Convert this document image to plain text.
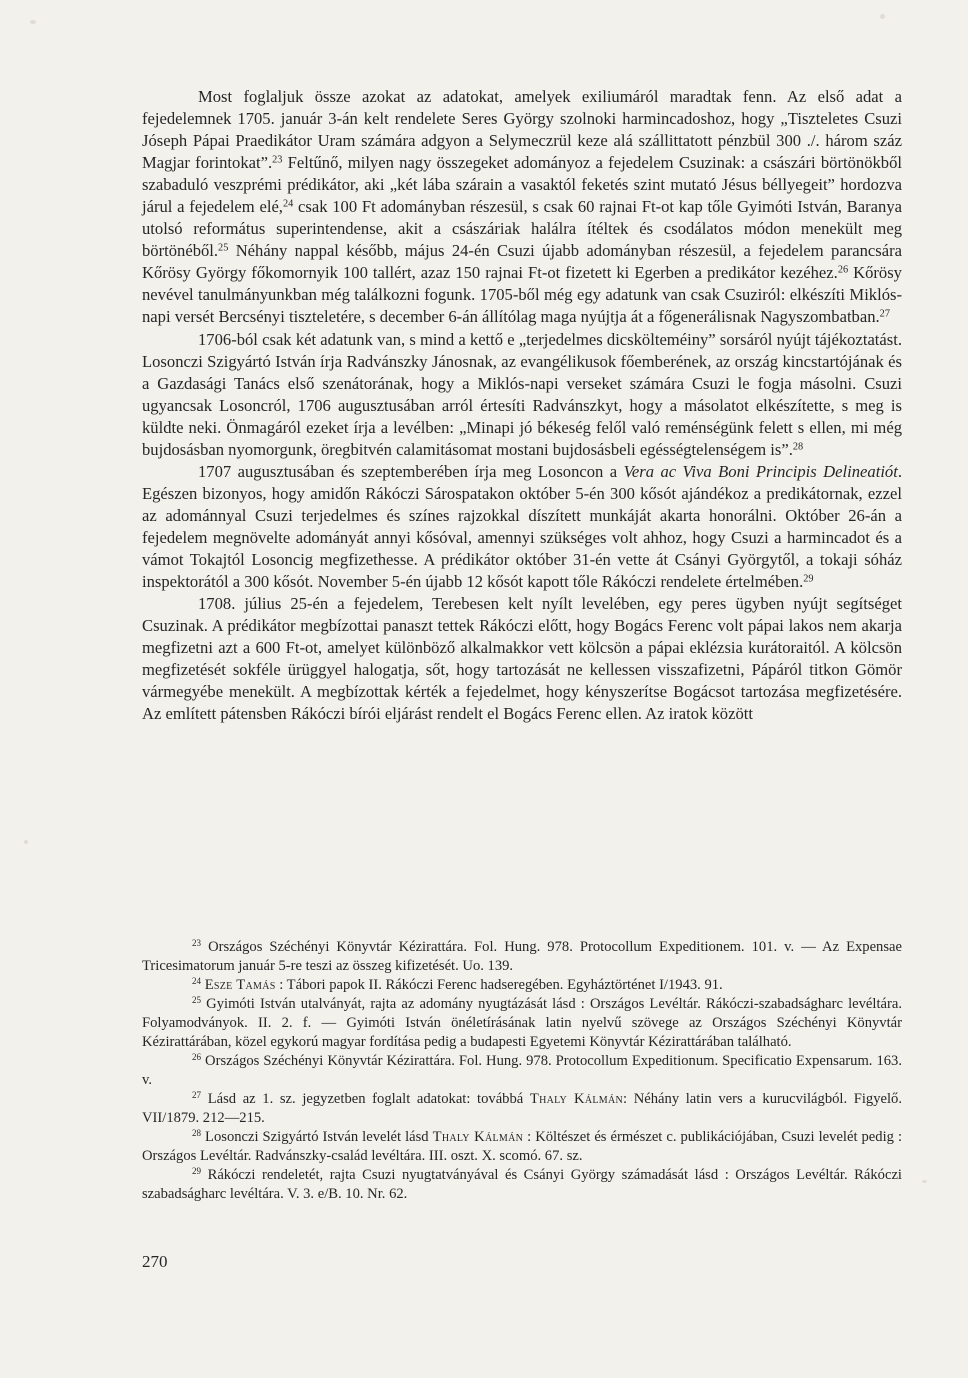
Most foglaljuk össze azokat az adatokat, amelyek exiliumáról maradtak fenn. Az első adat a fejedelemnek 1705. január 3-án kelt rendelete Seres György szolnoki harmincadoshoz, hogy „Tiszteletes Csuzi Jóseph Pápai Praedikátor Uram számára adgyon a Selymeczrül keze alá szállittatott pénzbül 300 ./. három száz Magjar forintokat”.$^{23}$ Feltűnő, milyen nagy összegeket adományoz a fejedelem Csuzinak: a császári börtönökből szabaduló veszprémi prédikátor, aki „két lába szárain a vasaktól feketés szint mutató Jésus béllyegeit” hordozva járul a fejedelem elé,$^{24}$ csak 100 Ft adományban részesül, s csak 60 rajnai Ft-ot kap tőle Gyimóti István, Baranya utolsó református superintendense, akit a császáriak halálra ítéltek és csodálatos módon menekült meg börtönéből.$^{25}$ Néhány nappal később, május 24-én Csuzi újabb adományban részesül, a fejedelem parancsára Kőrösy György főkomornyik 100 tallért, azaz 150 rajnai Ft-ot fizetett ki Egerben a predikátor kezéhez.$^{26}$ Kőrösy nevével tanulmányunkban még találkozni fogunk. 1705-ből még egy adatunk van csak Csuziról: elkészíti Miklós-napi versét Bercsényi tiszteletére, s december 6-án állítólag maga nyújtja át a főgenerálisnak Nagyszombatban.$^{27}$

1706-ból csak két adatunk van, s mind a kettő e „terjedelmes dicskölteméiny” sorsáról nyújt tájékoztatást. Losonczi Szigyártó István írja Radvánszky Jánosnak, az evangélikusok főemberének, az ország kincstartójának és a Gazdasági Tanács első szenátorának, hogy a Miklós-napi verseket számára Csuzi le fogja másolni. Csuzi ugyancsak Losoncról, 1706 augusztusában arról értesíti Radvánszkyt, hogy a másolatot elkészítette, s meg is küldte neki. Önmagáról ezeket írja a levélben: „Minapi jó békeség felől való reménségünk felett s ellen, mi még bujdosásban nyomorgunk, öregbitvén calamitásomat mostani bujdosásbeli egésségtelenségem is”.$^{28}$

1707 augusztusában és szeptemberében írja meg Losoncon a Vera ac Viva Boni Principis Delineatiót. Egészen bizonyos, hogy amidőn Rákóczi Sárospatakon október 5-én 300 kősót ajándékoz a predikátornak, ezzel az adománnyal Csuzi terjedelmes és színes rajzokkal díszített munkáját akarta honorálni. Október 26-án a fejedelem megnövelte adományát annyi kősóval, amennyi szükséges volt ahhoz, hogy Csuzi a harmincadot és a vámot Tokajtól Losoncig megfizethesse. A prédikátor október 31-én vette át Csányi Györgytől, a tokaji sóház inspektorától a 300 kősót. November 5-én újabb 12 kősót kapott tőle Rákóczi rendelete értelmében.$^{29}$

1708. július 25-én a fejedelem, Terebesen kelt nyílt levelében, egy peres ügyben nyújt segítséget Csuzinak. A prédikátor megbízottai panaszt tettek Rákóczi előtt, hogy Bogács Ferenc volt pápai lakos nem akarja megfizetni azt a 600 Ft-ot, amelyet különböző alkalmakkor vett kölcsön a pápai eklézsia kurátoraitól. A kölcsön megfizetését sokféle ürüggyel halogatja, sőt, hogy tartozását ne kellessen visszafizetni, Pápáról titkon Gömör vármegyébe menekült. A megbízottak kérték a fejedelmet, hogy kényszerítse Bogácsot tartozása megfizetésére. Az említett pátensben Rákóczi bírói eljárást rendelt el Bogács Ferenc ellen. Az iratok között

$^{23}$ Országos Széchényi Könyvtár Kézirattára. Fol. Hung. 978. Protocollum Expeditionem. 101. v. — Az Expensae Tricesimatorum január 5-re teszi az összeg kifizetését. Uo. 139.

$^{24}$ Esze Tamás : Tábori papok II. Rákóczi Ferenc hadseregében. Egyháztörténet I/1943. 91.

$^{25}$ Gyimóti István utalványát, rajta az adomány nyugtázását lásd : Országos Levéltár. Rákóczi-szabadságharc levéltára. Folyamodványok. II. 2. f. — Gyimóti István önéletírásának latin nyelvű szövege az Országos Széchényi Könyvtár Kézirattárában, közel egykorú magyar fordítása pedig a budapesti Egyetemi Könyvtár Kézirattárában található.

$^{26}$ Országos Széchényi Könyvtár Kézirattára. Fol. Hung. 978. Protocollum Expeditionum. Specificatio Expensarum. 163. v.

$^{27}$ Lásd az 1. sz. jegyzetben foglalt adatokat: továbbá Thaly Kálmán: Néhány latin vers a kurucvilágból. Figyelő. VII/1879. 212—215.

$^{28}$ Losonczi Szigyártó István levelét lásd Thaly Kálmán : Költészet és érmészet c. publikációjában, Csuzi levelét pedig : Országos Levéltár. Radvánszky-család levéltára. III. oszt. X. scomó. 67. sz.

$^{29}$ Rákóczi rendeletét, rajta Csuzi nyugtatványával és Csányi György számadását lásd : Országos Levéltár. Rákóczi szabadságharc levéltára. V. 3. e/B. 10. Nr. 62.

270
